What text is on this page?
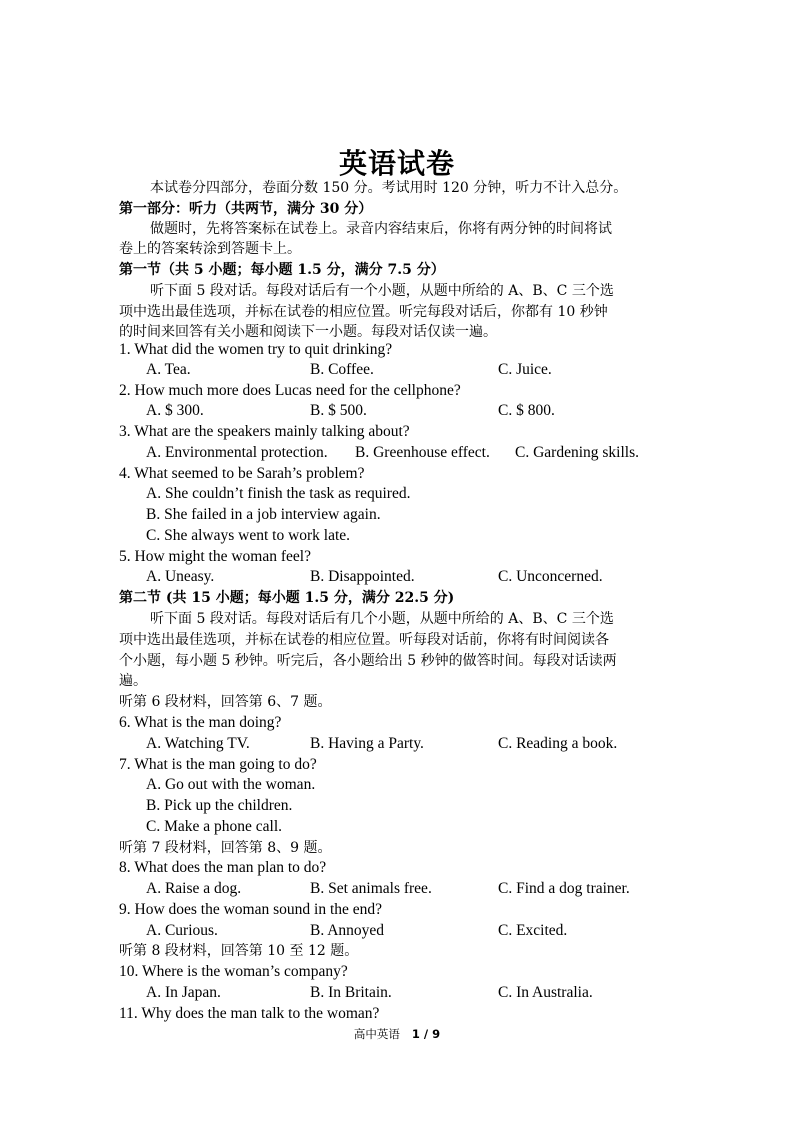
英语试卷
本试卷分四部分，卷面分数 150 分。考试用时 120 分钟，听力不计入总分。
第一部分：听力（共两节，满分 30 分）
做题时，先将答案标在试卷上。录音内容结束后，你将有两分钟的时间将试
卷上的答案转涂到答题卡上。
第一节（共 5 小题；每小题 1.5 分，满分 7.5 分）
听下面 5 段对话。每段对话后有一个小题，从题中所给的 A、B、C 三个选
项中选出最佳选项，并标在试卷的相应位置。听完每段对话后，你都有 10 秒钟
的时间来回答有关小题和阅读下一小题。每段对话仅读一遍。
1. What did the women try to quit drinking?
A. Tea.	B. Coffee.	C. Juice.
2. How much more does Lucas need for the cellphone?
A. $ 300.	B. $ 500.	C. $ 800.
3. What are the speakers mainly talking about?
A. Environmental protection. B. Greenhouse effect. C. Gardening skills.
4. What seemed to be Sarah’s problem?
A. She couldn’t finish the task as required.
B. She failed in a job interview again.
C. She always went to work late.
5. How might the woman feel?
A. Uneasy.	B. Disappointed.	C. Unconcerned.
第二节 (共 15 小题；每小题 1.5 分，满分 22.5 分)
听下面 5 段对话。每段对话后有几个小题，从题中所给的 A、B、C 三个选
项中选出最佳选项，并标在试卷的相应位置。听每段对话前，你将有时间阅读各
个小题，每小题 5 秒钟。听完后，各小题给出 5 秒钟的做答时间。每段对话读两
遍。
听第 6 段材料，回答第 6、7 题。
6. What is the man doing?
A. Watching TV.	B. Having a Party.	C. Reading a book.
7. What is the man going to do?
A. Go out with the woman.
B. Pick up the children.
C. Make a phone call.
听第 7 段材料，回答第 8、9 题。
8. What does the man plan to do?
A. Raise a dog.	B. Set animals free.	C. Find a dog trainer.
9. How does the woman sound in the end?
A. Curious.	B. Annoyed	C. Excited.
听第 8 段材料，回答第 10 至 12 题。
10. Where is the woman’s company?
A. In Japan.	B. In Britain.	C. In Australia.
11. Why does the man talk to the woman?
高中英语 1 / 9
